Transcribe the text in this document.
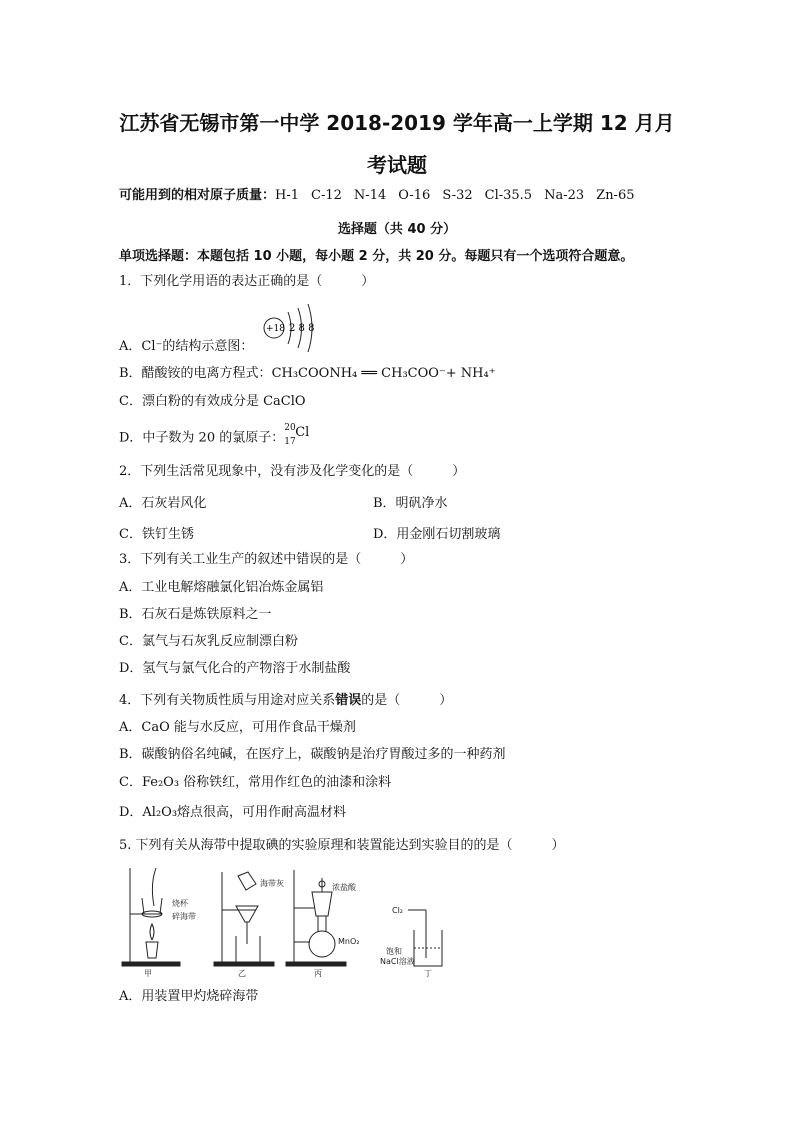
江苏省无锡市第一中学 2018-2019 学年高一上学期 12 月月
考试题
可能用到的相对原子质量：H-1 C-12 N-14 O-16 S-32 Cl-35.5 Na-23 Zn-65
选择题（共 40 分）
单项选择题：本题包括 10 小题，每小题 2 分，共 20 分。每题只有一个选项符合题意。
1．下列化学用语的表达正确的是（　　　）
+18 2 8 8
A．Cl⁻的结构示意图：
B．醋酸铵的电离方程式：CH₃COONH₄ ══ CH₃COO⁻+ NH₄⁺
C．漂白粉的有效成分是 CaClO
D．中子数为 20 的氯原子：
20
17
Cl
2．下列生活常见现象中，没有涉及化学变化的是（　　　）
A．石灰岩风化	B．明矾净水
C．铁钉生锈	D．用金刚石切割玻璃
3．下列有关工业生产的叙述中错误的是（　　　）
A．工业电解熔融氯化铝冶炼金属铝
B．石灰石是炼铁原料之一
C．氯气与石灰乳反应制漂白粉
D．氢气与氯气化合的产物溶于水制盐酸
4．下列有关物质性质与用途对应关系错误的是（　　　）
A．CaO 能与水反应，可用作食品干燥剂
B．碳酸钠俗名纯碱，在医疗上，碳酸钠是治疗胃酸过多的一种药剂
C．Fe₂O₃ 俗称铁红，常用作红色的油漆和涂料
D．Al₂O₃熔点很高，可用作耐高温材料
5. 下列有关从海带中提取碘的实验原理和装置能达到实验目的的是（　　　）
烧杯
碎海带
甲
海带灰
乙
浓盐酸
MnO₂
丙
Cl₂
饱和
NaCl溶液
丁
A．用装置甲灼烧碎海带
